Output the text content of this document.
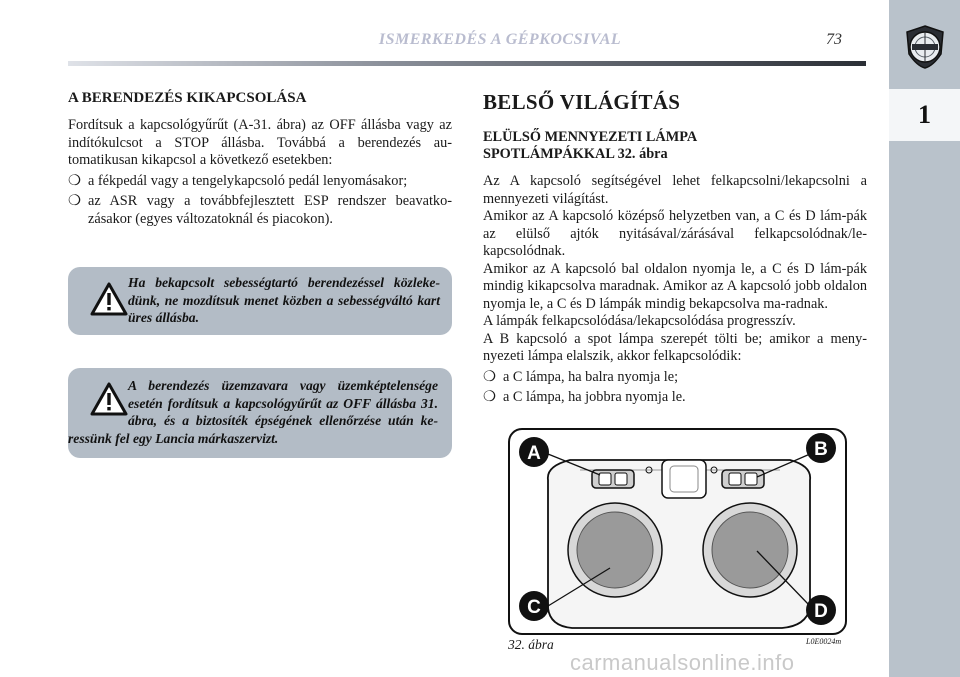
ISMERKEDÉS A GÉPKOCSIVAL	73
1
A BERENDEZÉS KIKAPCSOLÁSA

Fordítsuk a kapcsológyűrűt (A-31. ábra) az OFF állásba vagy az indítókulcsot a STOP állásba. Továbbá a berendezés au-tomatikusan kikapcsol a következő esetekben:

❍ a fékpedál vagy a tengelykapcsoló pedál lenyomásakor;
❍ az ASR vagy a továbbfejlesztett ESP rendszer beavatko-zásakor (egyes változatoknál és piacokon).
Ha bekapcsolt sebességtartó berendezéssel közleke-dünk, ne mozdítsuk menet közben a sebességváltó kart üres állásba.
A berendezés üzemzavara vagy üzemképtelensége esetén fordítsuk a kapcsológyűrűt az OFF állásba 31. ábra, és a biztosíték épségének ellenőrzése után ke-ressünk fel egy Lancia márkaszervizt.
BELSŐ VILÁGÍTÁS
ELÜLSŐ MENNYEZETI LÁMPA
SPOTLÁMPÁKKAL 32. ábra

Az A kapcsoló segítségével lehet felkapcsolni/lekapcsolni a mennyezeti világítást.

Amikor az A kapcsoló középső helyzetben van, a C és D lám-pák az elülső ajtók nyitásával/zárásával felkapcsolódnak/le-kapcsolódnak.

Amikor az A kapcsoló bal oldalon nyomja le, a C és D lám-pák mindig kikapcsolva maradnak. Amikor az A kapcsoló jobb oldalon nyomja le, a C és D lámpák mindig bekapcsolva ma-radnak.

A lámpák felkapcsolódása/lekapcsolódása progresszív.

A B kapcsoló a spot lámpa szerepét tölti be; amikor a meny-nyezeti lámpa elalszik, akkor felkapcsolódik:

❍ a C lámpa, ha balra nyomja le;
❍ a C lámpa, ha jobbra nyomja le.
A	B
C	D
32. ábra	L0E0024m
carmanualsonline.info
